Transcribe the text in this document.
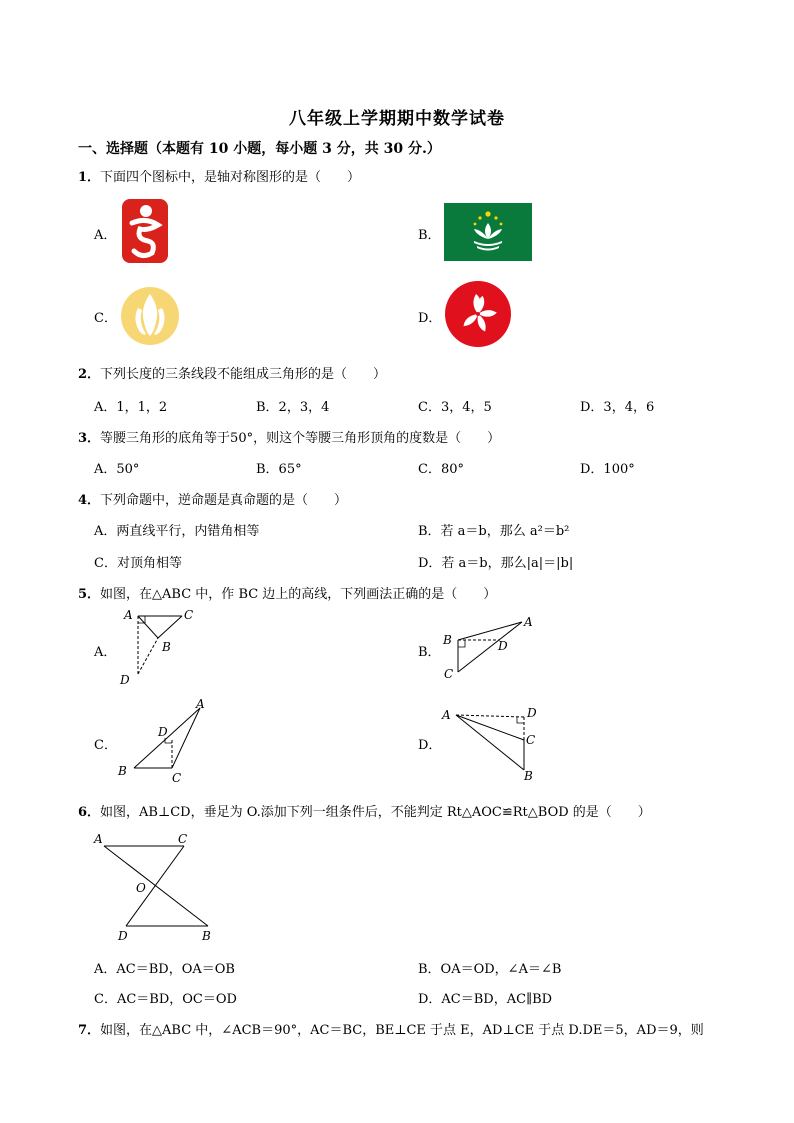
八年级上学期期中数学试卷
一、选择题（本题有 10 小题，每小题 3 分，共 30 分.）
1．下面四个图标中，是轴对称图形的是（　　）
A．	B．
C．	D．
2．下列长度的三条线段不能组成三角形的是（　　）
A．1，1，2	B．2，3，4	C．3，4，5	D．3，4，6
3．等腰三角形的底角等于50°，则这个等腰三角形顶角的度数是（　　）
A．50°	B．65°	C．80°	D．100°
4．下列命题中，逆命题是真命题的是（　　）
A．两直线平行，内错角相等	B．若 a＝b，那么 a²＝b²
C．对顶角相等	D．若 a＝b，那么|a|＝|b|
5．如图，在△ABC 中，作 BC 边上的高线，下列画法正确的是（　　）
A．
A	C
B
D
B．
B
A
D
C
C．
A
D
B	C
D．
A	D
C
B
6．如图，AB⊥CD，垂足为 O.添加下列一组条件后，不能判定 Rt△AOC≌Rt△BOD 的是（　　）
A	C
O
D	B
A．AC＝BD，OA＝OB	B．OA＝OD，∠A＝∠B
C．AC＝BD，OC＝OD	D．AC＝BD，AC∥BD
7．如图，在△ABC 中，∠ACB＝90°，AC＝BC，BE⊥CE 于点 E，AD⊥CE 于点 D.DE＝5，AD＝9，则
